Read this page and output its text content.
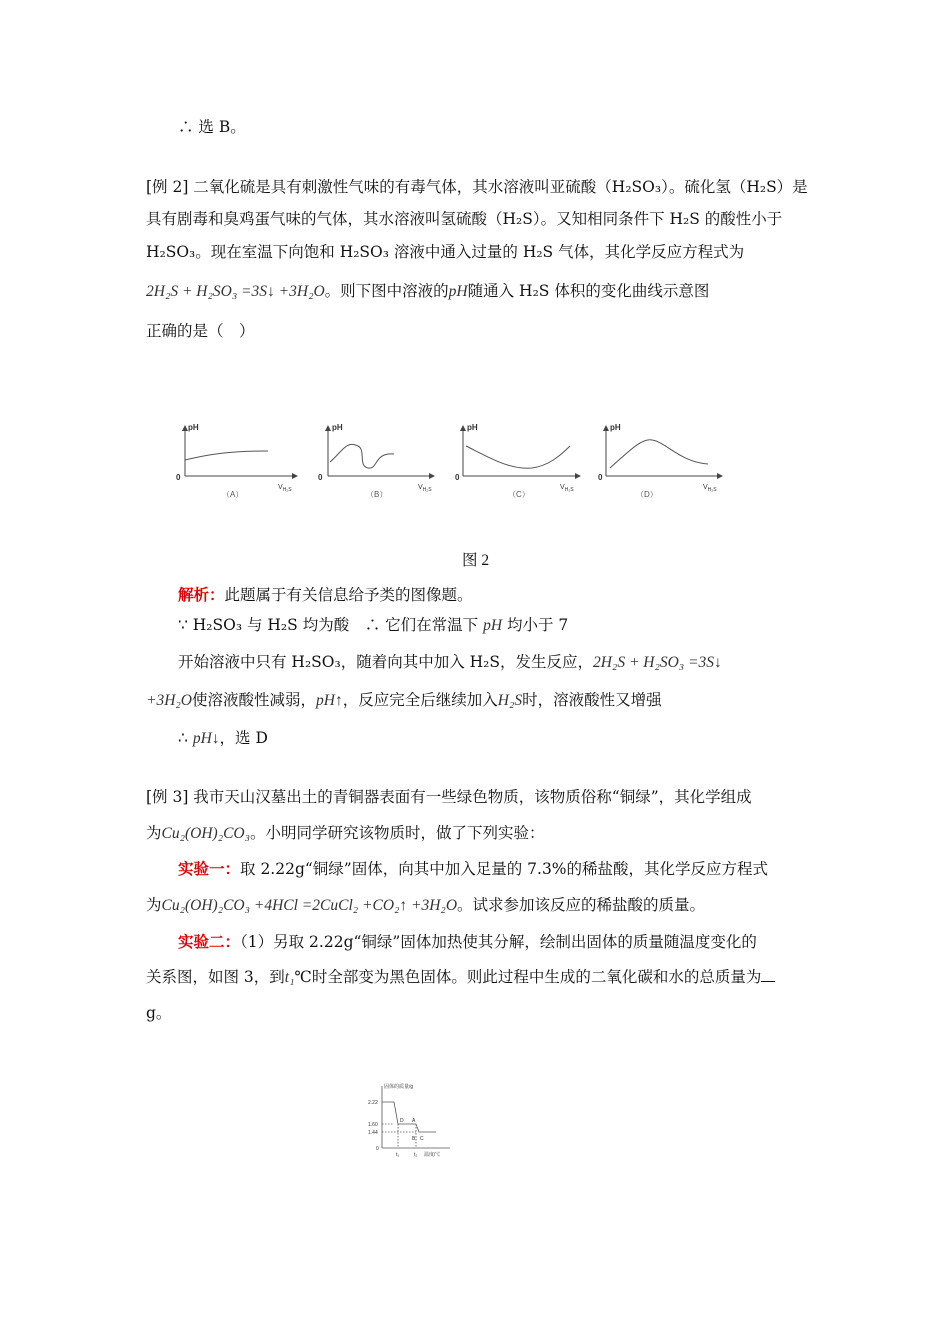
∴ 选 B。
[例 2] 二氧化硫是具有刺激性气味的有毒气体，其水溶液叫亚硫酸（H₂SO₃）。硫化氢（H₂S）是
具有剧毒和臭鸡蛋气味的气体，其水溶液叫氢硫酸（H₂S）。又知相同条件下 H₂S 的酸性小于
H₂SO₃。现在室温下向饱和 H₂SO₃ 溶液中通入过量的 H₂S 气体，其化学反应方程式为
2H₂S + H₂SO₃ =3S↓ +3H₂O。则下图中溶液的pH随通入 H₂S 体积的变化曲线示意图
正确的是（　）
pH	pH	pH	pH
0	0	0	0
$V_{H_2S}$	$V_{H_2S}$	$V_{H_2S}$	$V_{H_2S}$
（A）	（B）	（C）	（D）
图 2
解析：此题属于有关信息给予类的图像题。
∵ H₂SO₃ 与 H₂S 均为酸　∴ 它们在常温下 pH 均小于 7
开始溶液中只有 H₂SO₃，随着向其中加入 H₂S，发生反应，2H₂S + H₂SO₃ =3S↓
+3H₂O使溶液酸性减弱，pH↑，反应完全后继续加入H₂S时，溶液酸性又增强
∴ pH↓，选 D
[例 3] 我市天山汉墓出土的青铜器表面有一些绿色物质，该物质俗称“铜绿”，其化学组成
为Cu₂(OH)₂CO₃。小明同学研究该物质时，做了下列实验：
实验一：取 2.22g“铜绿”固体，向其中加入足量的 7.3%的稀盐酸，其化学反应方程式
为Cu₂(OH)₂CO₃ +4HCl =2CuCl₂ +CO₂↑ +3H₂O。试求参加该反应的稀盐酸的质量。
实验二：（1）另取 2.22g“铜绿”固体加热使其分解，绘制出固体的质量随温度变化的
关系图，如图 3，到t₁℃时全部变为黑色固体。则此过程中生成的二氧化碳和水的总质量为
g。
固体的质量/g
2.22
1.60
1.44
0
t₁	t₂ 温度/℃
D A
B C
